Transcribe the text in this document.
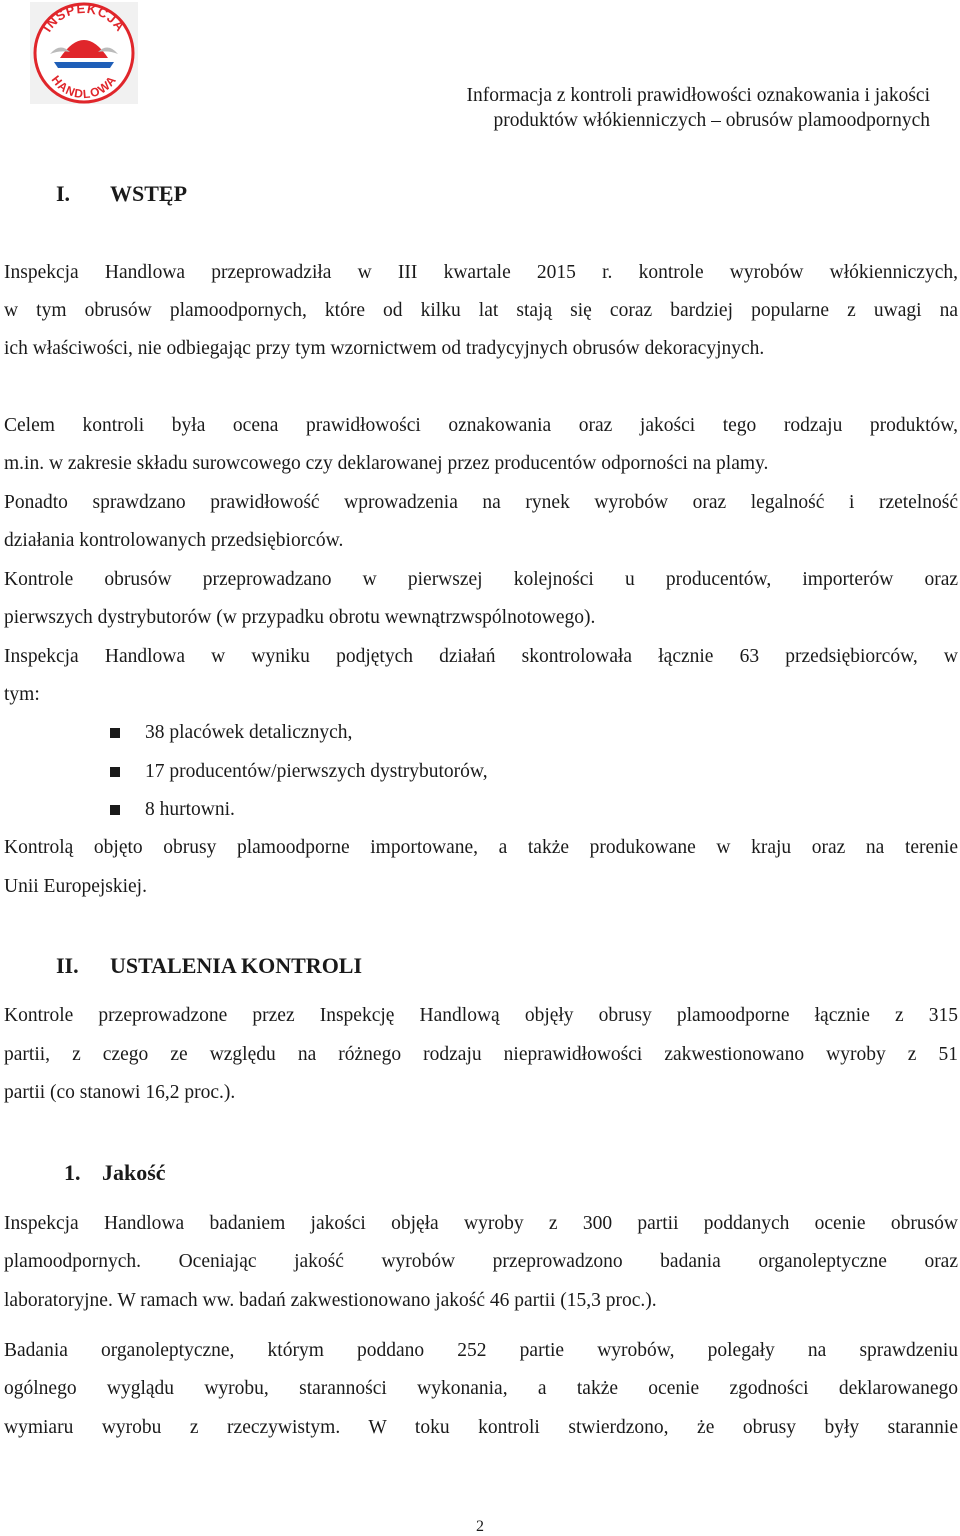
INSPEKCJA
HANDLOWA
Informacja z kontroli prawidłowości oznakowania i jakości
produktów włókienniczych – obrusów plamoodpornych
I. WSTĘP
Inspekcja Handlowa przeprowadziła w III kwartale 2015 r. kontrole wyrobów włókienniczych,
w tym obrusów plamoodpornych, które od kilku lat stają się coraz bardziej popularne z uwagi na
ich właściwości, nie odbiegając przy tym wzornictwem od tradycyjnych obrusów dekoracyjnych.
Celem kontroli była ocena prawidłowości oznakowania oraz jakości tego rodzaju produktów,
m.in. w zakresie składu surowcowego czy deklarowanej przez producentów odporności na plamy.
Ponadto sprawdzano prawidłowość wprowadzenia na rynek wyrobów oraz legalność i rzetelność
działania kontrolowanych przedsiębiorców.
Kontrole obrusów przeprowadzano w pierwszej kolejności u producentów, importerów oraz
pierwszych dystrybutorów (w przypadku obrotu wewnątrzwspólnotowego).
Inspekcja Handlowa w wyniku podjętych działań skontrolowała łącznie 63 przedsiębiorców, w
tym:
38 placówek detalicznych,
17 producentów/pierwszych dystrybutorów,
8 hurtowni.
Kontrolą objęto obrusy plamoodporne importowane, a także produkowane w kraju oraz na terenie
Unii Europejskiej.
II. USTALENIA KONTROLI
Kontrole przeprowadzone przez Inspekcję Handlową objęły obrusy plamoodporne łącznie z 315
partii, z czego ze względu na różnego rodzaju nieprawidłowości zakwestionowano wyroby z 51
partii (co stanowi 16,2 proc.).
1. Jakość
Inspekcja Handlowa badaniem jakości objęła wyroby z 300 partii poddanych ocenie obrusów
plamoodpornych. Oceniając jakość wyrobów przeprowadzono badania organoleptyczne oraz
laboratoryjne. W ramach ww. badań zakwestionowano jakość 46 partii (15,3 proc.).
Badania organoleptyczne, którym poddano 252 partie wyrobów, polegały na sprawdzeniu
ogólnego wyglądu wyrobu, staranności wykonania, a także ocenie zgodności deklarowanego
wymiaru wyrobu z rzeczywistym. W toku kontroli stwierdzono, że obrusy były starannie
2
